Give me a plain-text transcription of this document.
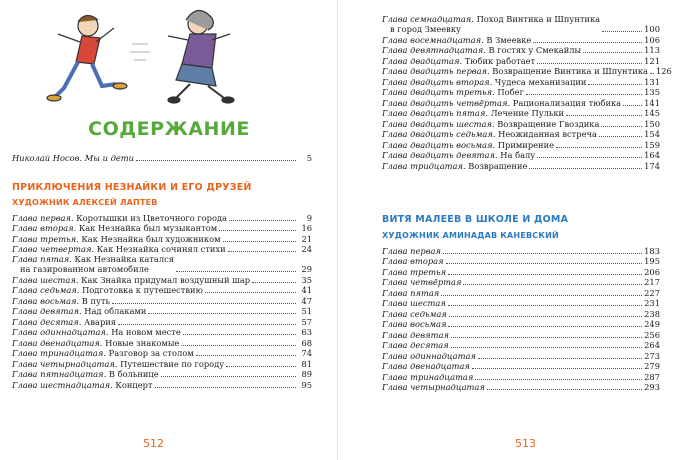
СОДЕРЖАНИЕ
Николай Носов. Мы и дети	5
ПРИКЛЮЧЕНИЯ НЕЗНАЙКИ И ЕГО ДРУЗЕЙ
ХУДОЖНИК АЛЕКСЕЙ ЛАПТЕВ
Глава первая. Коротышки из Цветочного города	9
Глава вторая. Как Незнайка был музыкантом	16
Глава третья. Как Незнайка был художником	21
Глава четвертая. Как Незнайка сочинял стихи	24
Глава пятая. Как Незнайка катался
на газированном автомобиле	29
Глава шестая. Как Знайка придумал воздушный шар	35
Глава седьмая. Подготовка к путешествию	41
Глава восьмая. В путь	47
Глава девятая. Над облаками	51
Глава десятая. Авария	57
Глава одиннадцатая. На новом месте	63
Глава двенадцатая. Новые знакомые	68
Глава тринадцатая. Разговор за столом	74
Глава четырнадцатая. Путешествие по городу	81
Глава пятнадцатая. В больнице	89
Глава шестнадцатая. Концерт	95
512
Глава семнадцатая. Поход Винтика и Шпунтика
в город Змеевку	100
Глава восемнадцатая. В Змеевке	106
Глава девятнадцатая. В гостях у Смекайлы	113
Глава двадцатая. Тюбик работает	121
Глава двадцать первая. Возвращение Винтика и Шпунтика 126
Глава двадцать вторая. Чудеса механизации	131
Глава двадцать третья. Побег	135
Глава двадцать четвёртая. Рационализация тюбика	141
Глава двадцать пятая. Лечение Пульки	145
Глава двадцать шестая. Возвращение Гвоздика	150
Глава двадцать седьмая. Неожиданная встреча	154
Глава двадцать восьмая. Примирение	159
Глава двадцать девятая. На балу	164
Глава тридцатая. Возвращение	174
ВИТЯ МАЛЕЕВ В ШКОЛЕ И ДОМА
ХУДОЖНИК АМИНАДАВ КАНЕВСКИЙ
Глава первая	183
Глава вторая	195
Глава третья	206
Глава четвёртая	217
Глава пятая	227
Глава шестая	231
Глава седьмая	238
Глава восьмая	249
Глава девятая	256
Глава десятая	264
Глава одиннадцатая	273
Глава двенадцатая	279
Глава тринадцатая	287
Глава четырнадцатая	293
513
